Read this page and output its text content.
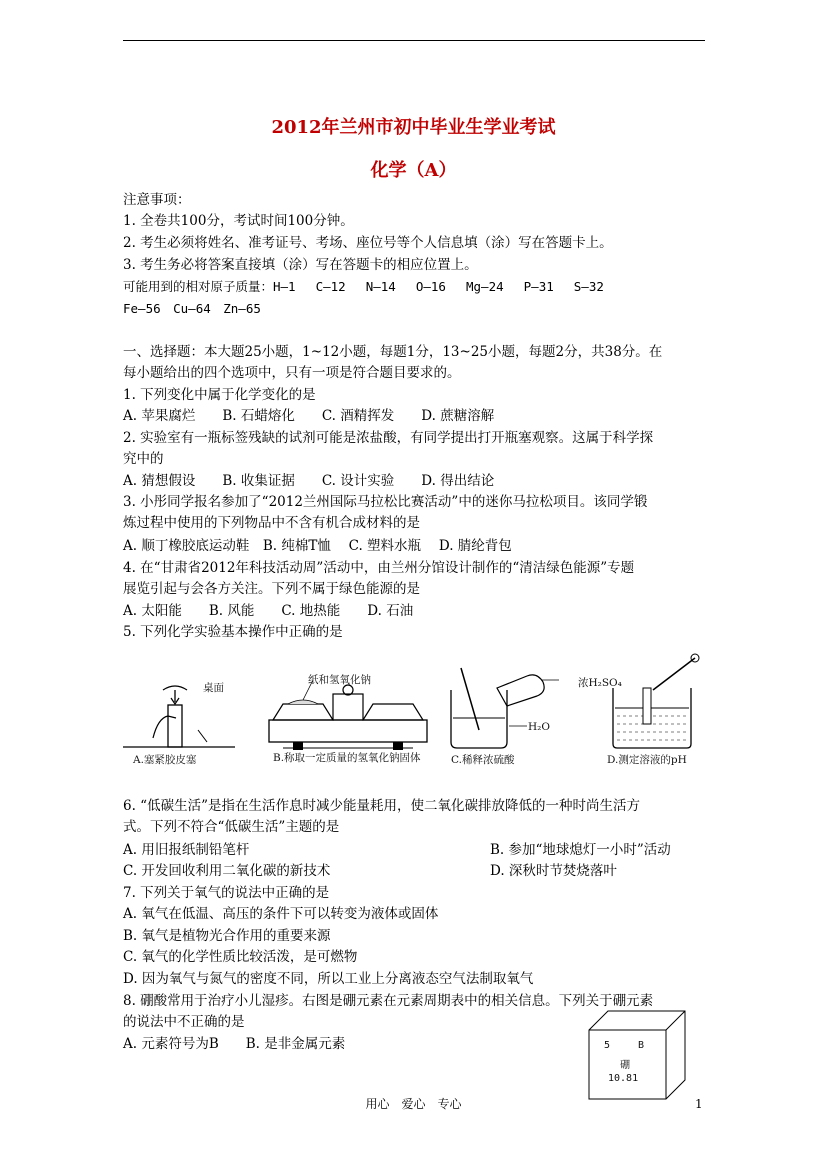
2012年兰州市初中毕业生学业考试
化学（A）
注意事项：
1. 全卷共100分，考试时间100分钟。
2. 考生必须将姓名、准考证号、考场、座位号等个人信息填（涂）写在答题卡上。
3. 考生务必将答案直接填（涂）写在答题卡的相应位置上。
可能用到的相对原子质量：H—1　 C—12　 N—14　 O—16　 Mg—24　 P—31　 S—32
Fe—56　Cu—64　Zn—65
一、选择题：本大题25小题，1~12小题，每题1分，13~25小题，每题2分，共38分。在
每小题给出的四个选项中，只有一项是符合题目要求的。
1. 下列变化中属于化学变化的是
A. 苹果腐烂　　B. 石蜡熔化　　C. 酒精挥发　　D. 蔗糖溶解
2. 实验室有一瓶标签残缺的试剂可能是浓盐酸，有同学提出打开瓶塞观察。这属于科学探
究中的
A. 猜想假设　　B. 收集证据　　C. 设计实验　　D. 得出结论
3. 小彤同学报名参加了“2012兰州国际马拉松比赛活动”中的迷你马拉松项目。该同学锻
炼过程中使用的下列物品中不含有机合成材料的是
A. 顺丁橡胶底运动鞋　B. 纯棉T恤　 C. 塑料水瓶　 D. 腈纶背包
4. 在“甘肃省2012年科技活动周”活动中，由兰州分馆设计制作的“清洁绿色能源”专题
展览引起与会各方关注。下列不属于绿色能源的是
A. 太阳能　　B. 风能　　C. 地热能　　D. 石油
5. 下列化学实验基本操作中正确的是
桌面
A.塞紧胶皮塞
纸和氢氧化钠
B.称取一定质量的氢氧化钠固体
浓H₂SO₄
H₂O
C.稀释浓硫酸	D.测定溶液的pH
6. “低碳生活”是指在生活作息时减少能量耗用，使二氧化碳排放降低的一种时尚生活方
式。下列不符合“低碳生活”主题的是
A. 用旧报纸制铅笔杆	B. 参加“地球熄灯一小时”活动
C. 开发回收利用二氧化碳的新技术	D. 深秋时节焚烧落叶
7. 下列关于氧气的说法中正确的是
A. 氧气在低温、高压的条件下可以转变为液体或固体
B. 氧气是植物光合作用的重要来源
C. 氧气的化学性质比较活泼，是可燃物
D. 因为氧气与氮气的密度不同，所以工业上分离液态空气法制取氧气
8. 硼酸常用于治疗小儿湿疹。右图是硼元素在元素周期表中的相关信息。下列关于硼元素
的说法中不正确的是
A. 元素符号为B　　B. 是非金属元素	5	B
硼
10.81
用心　爱心　专心	1
